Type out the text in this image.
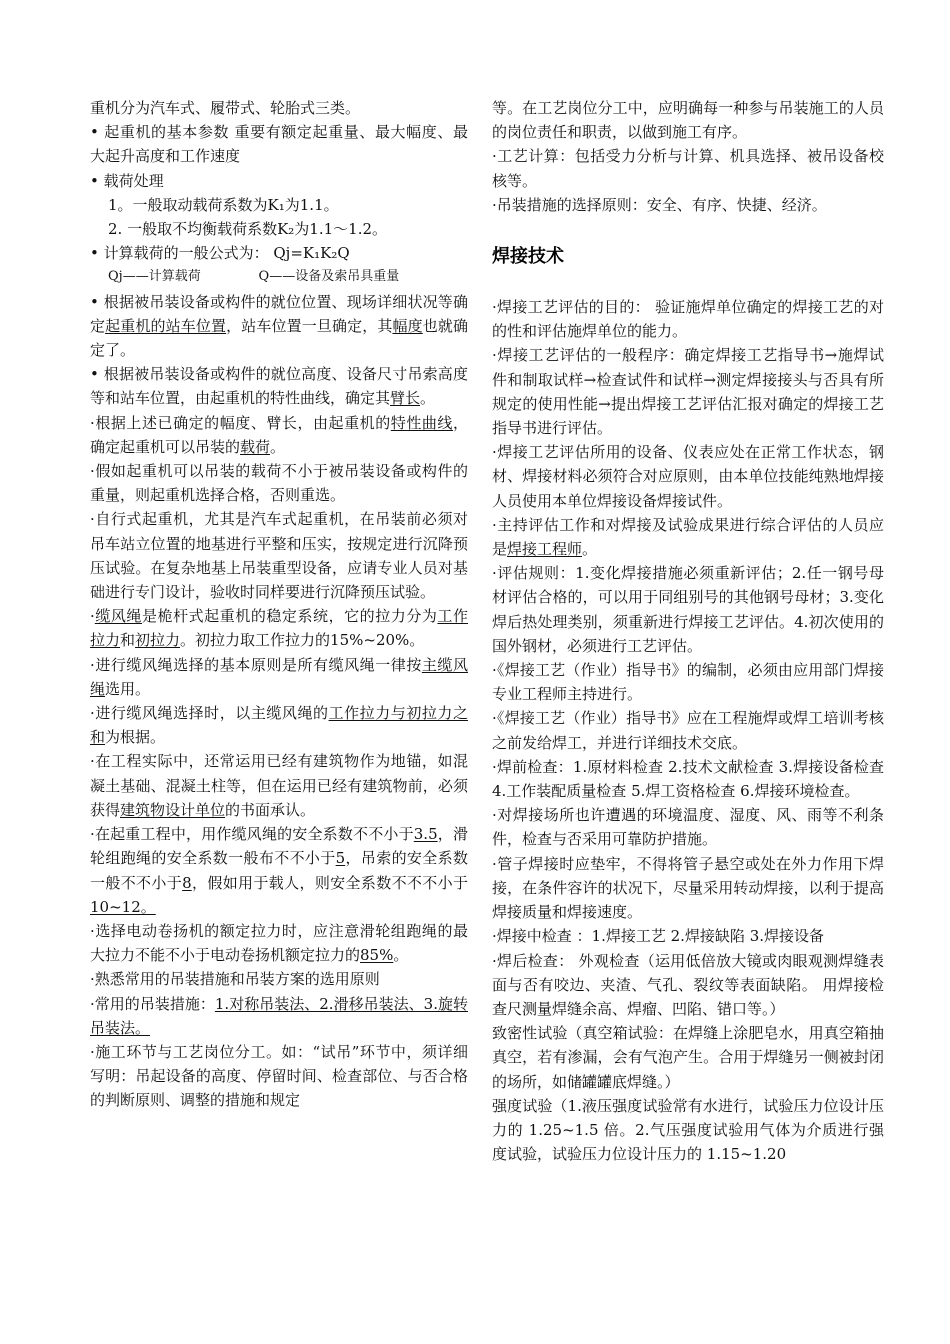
重机分为汽车式、履带式、轮胎式三类。

• 起重机的基本参数 重要有额定起重量、最大幅度、最大起升高度和工作速度

• 载荷处理

1。一般取动载荷系数为K₁为1.1。

2. 一般取不均衡载荷系数K₂为1.1～1.2。

• 计算载荷的一般公式为： Qj=K₁K₂Q

Qj——计算载荷              Q——设备及索吊具重量

• 根据被吊装设备或构件的就位位置、现场详细状况等确定起重机的站车位置，站车位置一旦确定，其幅度也就确定了。

• 根据被吊装设备或构件的就位高度、设备尺寸吊索高度等和站车位置，由起重机的特性曲线，确定其臂长。

·根据上述已确定的幅度、臂长，由起重机的特性曲线，确定起重机可以吊装的载荷。

·假如起重机可以吊装的载荷不小于被吊装设备或构件的重量，则起重机选择合格，否则重选。

·自行式起重机，尤其是汽车式起重机，在吊装前必须对吊车站立位置的地基进行平整和压实，按规定进行沉降预压试验。在复杂地基上吊装重型设备，应请专业人员对基础进行专门设计，验收时同样要进行沉降预压试验。

·缆风绳是桅杆式起重机的稳定系统，它的拉力分为工作拉力和初拉力。初拉力取工作拉力的15%~20%。

·进行缆风绳选择的基本原则是所有缆风绳一律按主缆风绳选用。

·进行缆风绳选择时，以主缆风绳的工作拉力与初拉力之和为根据。

·在工程实际中，还常运用已经有建筑物作为地锚，如混凝土基础、混凝土柱等，但在运用已经有建筑物前，必须获得建筑物设计单位的书面承认。

·在起重工程中，用作缆风绳的安全系数不不小于3.5，滑轮组跑绳的安全系数一般布不不小于5，吊索的安全系数一般不不小于8，假如用于载人，则安全系数不不不小于10~12。

·选择电动卷扬机的额定拉力时，应注意滑轮组跑绳的最大拉力不能不小于电动卷扬机额定拉力的85%。

·熟悉常用的吊装措施和吊装方案的选用原则

·常用的吊装措施：1.对称吊装法、2.滑移吊装法、3.旋转吊装法。

·施工环节与工艺岗位分工。如：“试吊”环节中，须详细写明：吊起设备的高度、停留时间、检查部位、与否合格的判断原则、调整的措施和规定

等。在工艺岗位分工中，应明确每一种参与吊装施工的人员的岗位责任和职责，以做到施工有序。

·工艺计算：包括受力分析与计算、机具选择、被吊设备校核等。

·吊装措施的选择原则：安全、有序、快捷、经济。

焊接技术

·焊接工艺评估的目的： 验证施焊单位确定的焊接工艺的对的性和评估施焊单位的能力。

·焊接工艺评估的一般程序：确定焊接工艺指导书→施焊试件和制取试样→检查试件和试样→测定焊接接头与否具有所规定的使用性能→提出焊接工艺评估汇报对确定的焊接工艺指导书进行评估。

·焊接工艺评估所用的设备、仪表应处在正常工作状态，钢材、焊接材料必须符合对应原则，由本单位技能纯熟地焊接人员使用本单位焊接设备焊接试件。

·主持评估工作和对焊接及试验成果进行综合评估的人员应是焊接工程师。

·评估规则：1.变化焊接措施必须重新评估；2.任一钢号母材评估合格的，可以用于同组别号的其他钢号母材；3.变化焊后热处理类别，须重新进行焊接工艺评估。4.初次使用的国外钢材，必须进行工艺评估。

·《焊接工艺（作业）指导书》的编制，必须由应用部门焊接专业工程师主持进行。

·《焊接工艺（作业）指导书》应在工程施焊或焊工培训考核之前发给焊工，并进行详细技术交底。

·焊前检查：1.原材料检查 2.技术文献检查 3.焊接设备检查 4.工作装配质量检查 5.焊工资格检查 6.焊接环境检查。

·对焊接场所也许遭遇的环境温度、湿度、风、雨等不利条件，检查与否采用可靠防护措施。

·管子焊接时应垫牢，不得将管子悬空或处在外力作用下焊接，在条件容许的状况下，尽量采用转动焊接，以利于提高焊接质量和焊接速度。

·焊接中检查 ：1.焊接工艺 2.焊接缺陷 3.焊接设备

·焊后检查： 外观检查（运用低倍放大镜或肉眼观测焊缝表面与否有咬边、夹渣、气孔、裂纹等表面缺陷。 用焊接检查尺测量焊缝余高、焊瘤、凹陷、错口等。）

致密性试验（真空箱试验：在焊缝上涂肥皂水，用真空箱抽真空，若有渗漏，会有气泡产生。合用于焊缝另一侧被封闭的场所，如储罐罐底焊缝。）

强度试验（1.液压强度试验常有水进行，试验压力位设计压力的 1.25~1.5 倍。2.气压强度试验用气体为介质进行强度试验，试验压力位设计压力的 1.15~1.20
